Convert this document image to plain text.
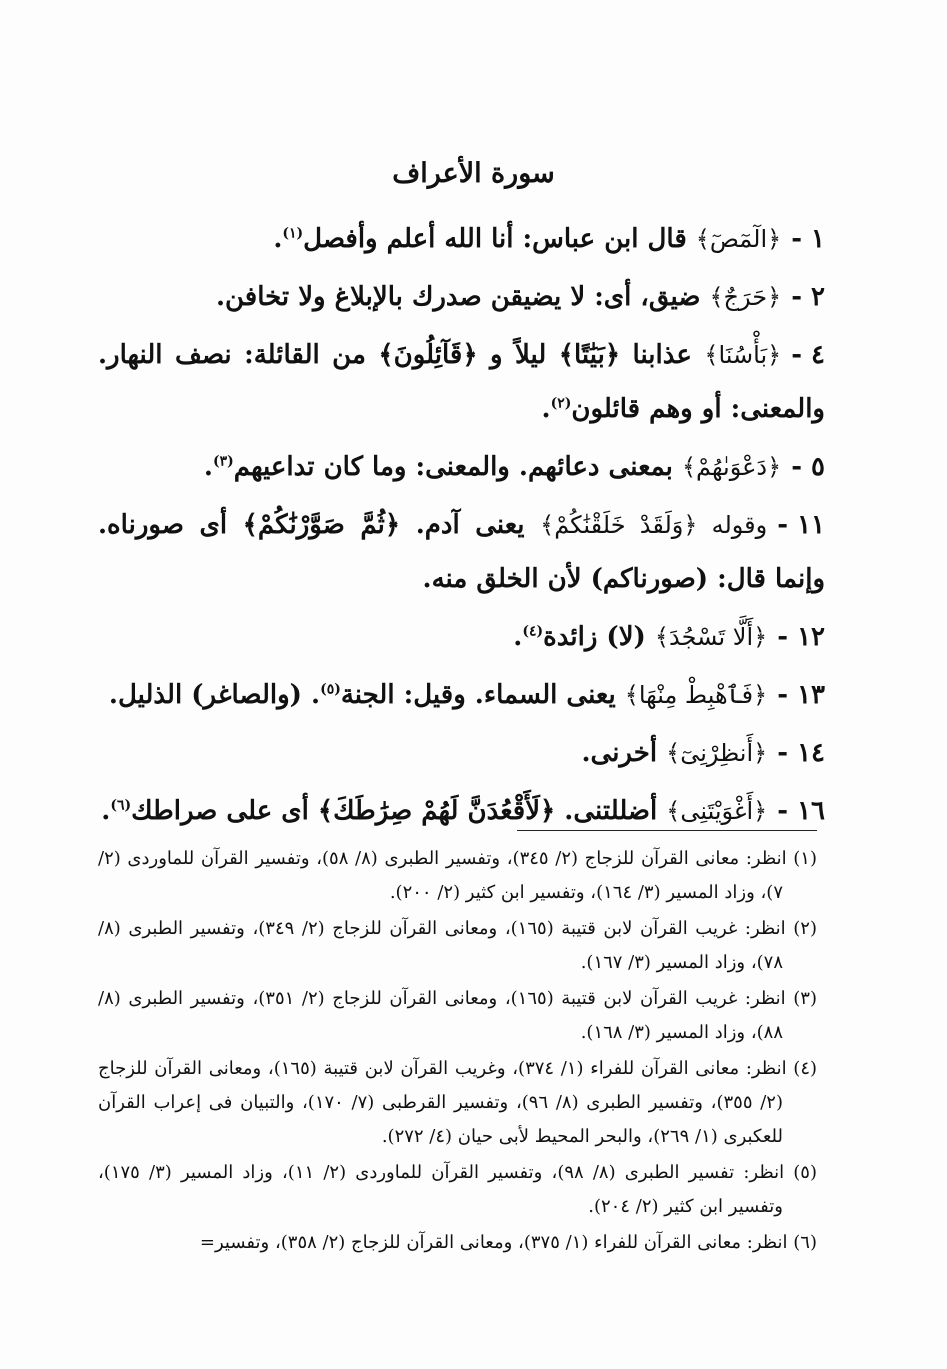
سورة الأعراف

١ -﴿الٓمٓصٓ﴾ قال ابن عباس: أنا الله أعلم وأفصل$^{(١)}$.

٢ -﴿حَرَجٌ﴾ ضيق، أى: لا يضيقن صدرك بالإبلاغ ولا تخافن.

٤ -﴿بَأْسُنَا﴾ عذابنا ﴿بَيَٰتًا﴾ ليلاً و ﴿قَآئِلُونَ﴾ من القائلة: نصف النهار. والمعنى: أو وهم قائلون$^{(٢)}$.

٥ -﴿دَعْوَىٰهُمْ﴾ بمعنى دعائهم. والمعنى: وما كان تداعيهم$^{(٣)}$.

١١ -وقوله ﴿وَلَقَدْ خَلَقْنَٰكُمْ﴾ يعنى آدم. ﴿ثُمَّ صَوَّرْنَٰكُمْ﴾ أى صورناه. وإنما قال: (صورناكم) لأن الخلق منه.

١٢ -﴿أَلَّا تَسْجُدَ﴾ (لا) زائدة$^{(٤)}$.

١٣ -﴿فَٱهْبِطْ مِنْهَا﴾ يعنى السماء. وقيل: الجنة$^{(٥)}$. (والصاغر) الذليل.

١٤ -﴿أَنظِرْنِىٓ﴾ أخرنى.

١٦ -﴿أَغْوَيْتَنِى﴾ أضللتنى. ﴿لَأَقْعُدَنَّ لَهُمْ صِرَٰطَكَ﴾ أى على صراطك$^{(٦)}$.

(١) انظر: معانى القرآن للزجاج (٢/ ٣٤٥)، وتفسير الطبرى (٨/ ٥٨)، وتفسير القرآن للماوردى (٢/ ٧)، وزاد المسير (٣/ ١٦٤)، وتفسير ابن كثير (٢/ ٢٠٠).

(٢) انظر: غريب القرآن لابن قتيبة (١٦٥)، ومعانى القرآن للزجاج (٢/ ٣٤٩)، وتفسير الطبرى (٨/ ٧٨)، وزاد المسير (٣/ ١٦٧).

(٣) انظر: غريب القرآن لابن قتيبة (١٦٥)، ومعانى القرآن للزجاج (٢/ ٣٥١)، وتفسير الطبرى (٨/ ٨٨)، وزاد المسير (٣/ ١٦٨).

(٤) انظر: معانى القرآن للفراء (١/ ٣٧٤)، وغريب القرآن لابن قتيبة (١٦٥)، ومعانى القرآن للزجاج (٢/ ٣٥٥)، وتفسير الطبرى (٨/ ٩٦)، وتفسير القرطبى (٧/ ١٧٠)، والتبيان فى إعراب القرآن للعكبرى (١/ ٢٦٩)، والبحر المحيط لأبى حيان (٤/ ٢٧٢).

(٥) انظر: تفسير الطبرى (٨/ ٩٨)، وتفسير القرآن للماوردى (٢/ ١١)، وزاد المسير (٣/ ١٧٥)، وتفسير ابن كثير (٢/ ٢٠٤).

(٦) انظر: معانى القرآن للفراء (١/ ٣٧٥)، ومعانى القرآن للزجاج (٢/ ٣٥٨)، وتفسير=
